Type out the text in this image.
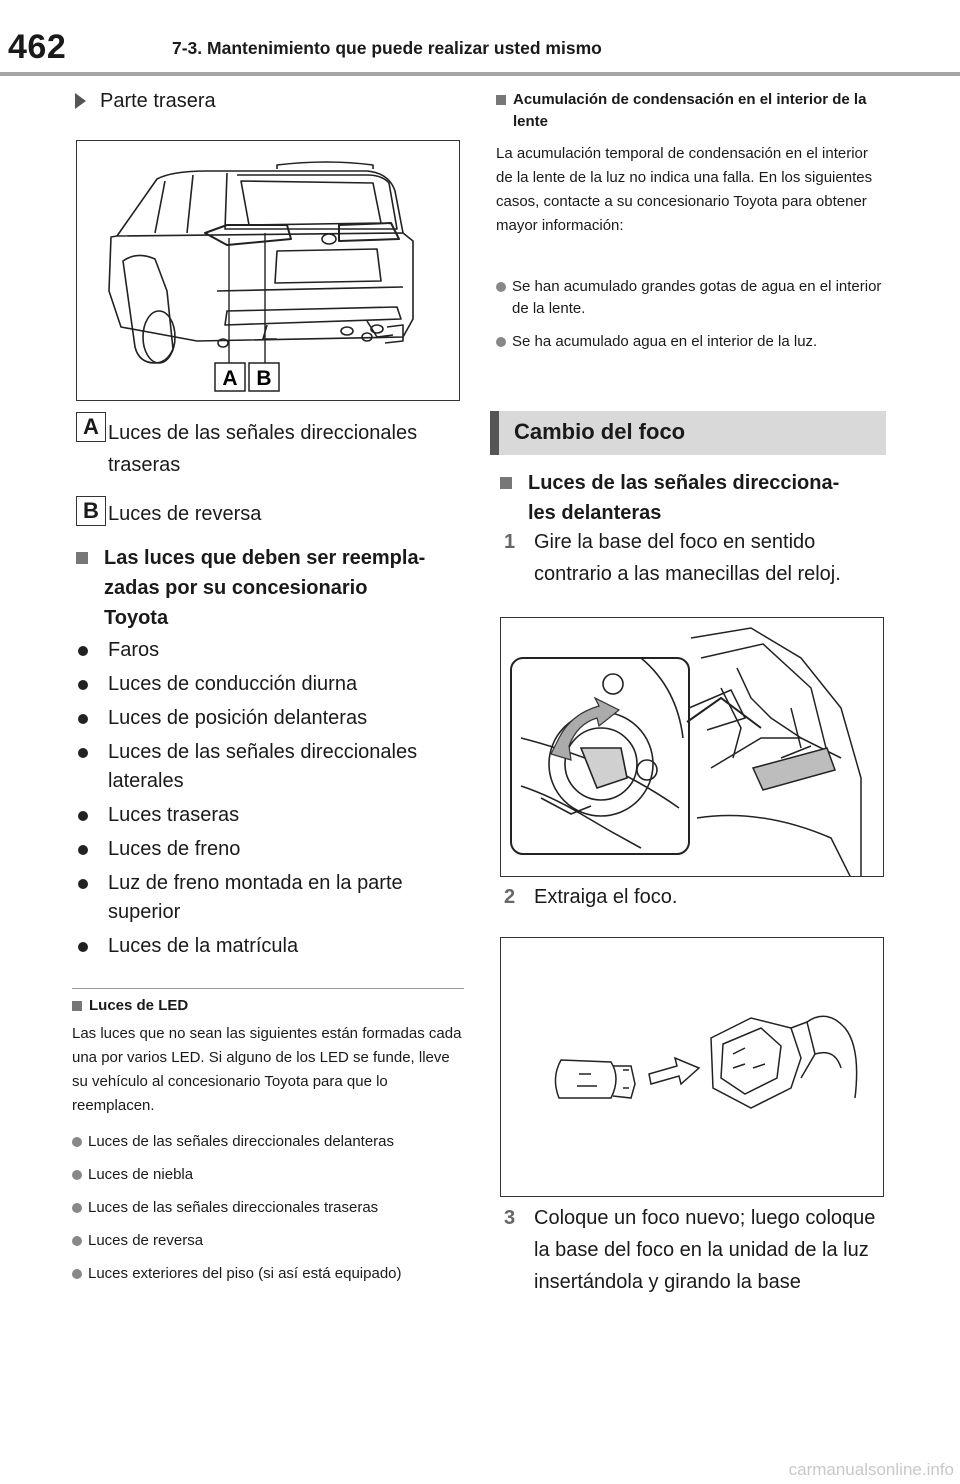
462	7-3. Mantenimiento que puede realizar usted mismo
Parte trasera
A B
A Luces de las señales direccionales traseras
B Luces de reversa
Las luces que deben ser reempla-
zadas por su concesionario
Toyota
Faros
Luces de conducción diurna
Luces de posición delanteras
Luces de las señales direccionales laterales
Luces traseras
Luces de freno
Luz de freno montada en la parte superior
Luces de la matrícula
Luces de LED
Las luces que no sean las siguientes están formadas cada una por varios LED. Si alguno de los LED se funde, lleve su vehículo al concesionario Toyota para que lo reemplacen.
Luces de las señales direccionales delanteras
Luces de niebla
Luces de las señales direccionales traseras
Luces de reversa
Luces exteriores del piso (si así está equipado)
Acumulación de condensación en el interior de la lente
La acumulación temporal de condensación en el interior de la lente de la luz no indica una falla. En los siguientes casos, contacte a su concesionario Toyota para obtener mayor información:
Se han acumulado grandes gotas de agua en el interior de la lente.
Se ha acumulado agua en el interior de la luz.
Cambio del foco
Luces de las señales direcciona-
les delanteras
1 Gire la base del foco en sentido contrario a las manecillas del reloj.
2 Extraiga el foco.
3 Coloque un foco nuevo; luego coloque la base del foco en la unidad de la luz insertándola y girando la base
carmanualsonline.info
